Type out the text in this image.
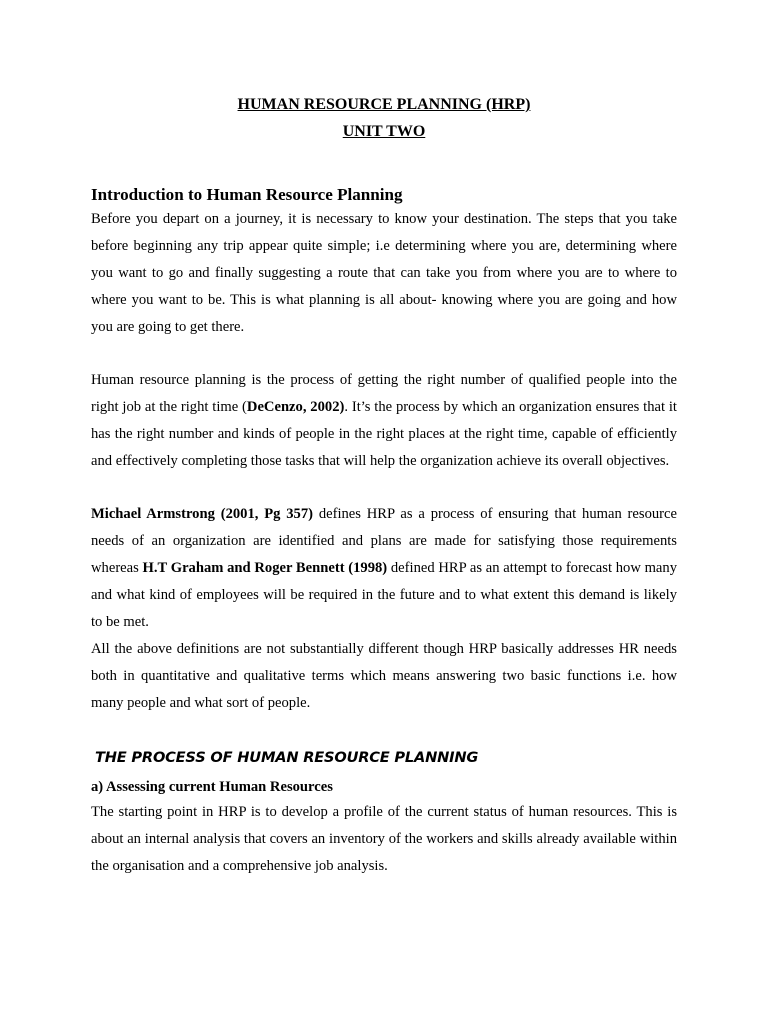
HUMAN RESOURCE PLANNING (HRP)
UNIT TWO
Introduction to Human Resource Planning

Before you depart on a journey, it is necessary to know your destination. The steps that you take before beginning any trip appear quite simple; i.e determining where you are, determining where you want to go and finally suggesting a route that can take you from where you are to where to where you want to be. This is what planning is all about- knowing where you are going and how you are going to get there.

Human resource planning is the process of getting the right number of qualified people into the right job at the right time (DeCenzo, 2002). It’s the process by which an organization ensures that it has the right number and kinds of people in the right places at the right time, capable of efficiently and effectively completing those tasks that will help the organization achieve its overall objectives.

Michael Armstrong (2001, Pg 357) defines HRP as a process of ensuring that human resource needs of an organization are identified and plans are made for satisfying those requirements whereas H.T Graham and Roger Bennett (1998) defined HRP as an attempt to forecast how many and what kind of employees will be required in the future and to what extent this demand is likely to be met.

All the above definitions are not substantially different though HRP basically addresses HR needs both in quantitative and qualitative terms which means answering two basic functions i.e. how many people and what sort of people.

THE PROCESS OF HUMAN RESOURCE PLANNING
a) Assessing current Human Resources

The starting point in HRP is to develop a profile of the current status of human resources. This is about an internal analysis that covers an inventory of the workers and skills already available within the organisation and a comprehensive job analysis.
